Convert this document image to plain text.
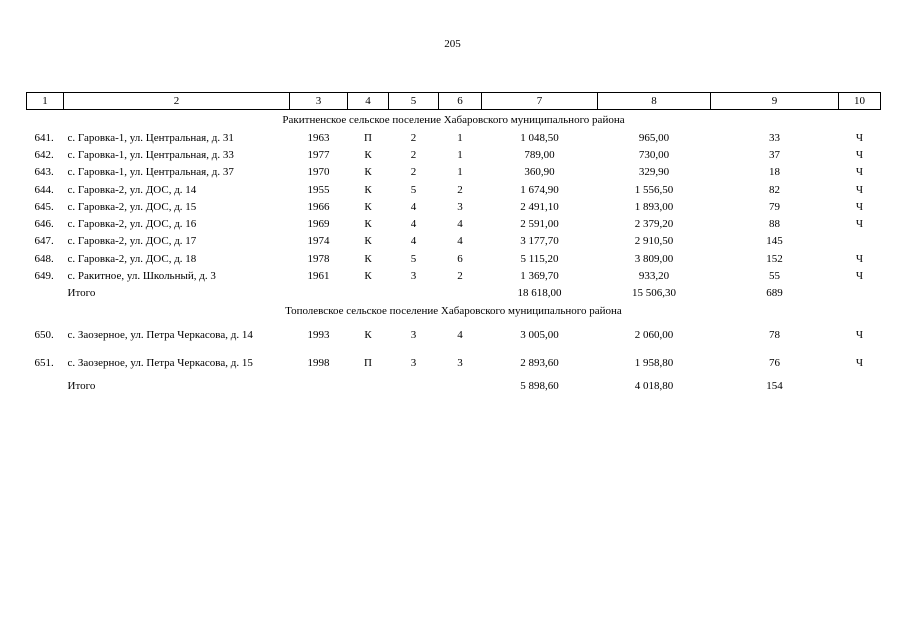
205
1	2	3	4	5	6	7	8	9	10
Ракитненское сельское поселение Хабаровского муниципального района									
641.	с. Гаровка-1, ул. Центральная, д. 31	1963	П	2	1	1 048,50	965,00	33	Ч
642.	с. Гаровка-1, ул. Центральная, д. 33	1977	К	2	1	789,00	730,00	37	Ч
643.	с. Гаровка-1, ул. Центральная, д. 37	1970	К	2	1	360,90	329,90	18	Ч
644.	с. Гаровка-2, ул. ДОС, д. 14	1955	К	5	2	1 674,90	1 556,50	82	Ч
645.	с. Гаровка-2, ул. ДОС, д. 15	1966	К	4	3	2 491,10	1 893,00	79	Ч
646.	с. Гаровка-2, ул. ДОС, д. 16	1969	К	4	4	2 591,00	2 379,20	88	Ч
647.	с. Гаровка-2, ул. ДОС, д. 17	1974	К	4	4	3 177,70	2 910,50	145	
648.	с. Гаровка-2, ул. ДОС, д. 18	1978	К	5	6	5 115,20	3 809,00	152	Ч
649.	с. Ракитное, ул. Школьный, д. 3	1961	К	3	2	1 369,70	933,20	55	Ч
	Итого					18 618,00	15 506,30	689	
Тополевское сельское поселение Хабаровского муниципального района									
650.	с. Заозерное, ул. Петра Черкасова, д. 14	1993	К	3	4	3 005,00	2 060,00	78	Ч
651.	с. Заозерное, ул. Петра Черкасова, д. 15	1998	П	3	3	2 893,60	1 958,80	76	Ч
	Итого					5 898,60	4 018,80	154	
